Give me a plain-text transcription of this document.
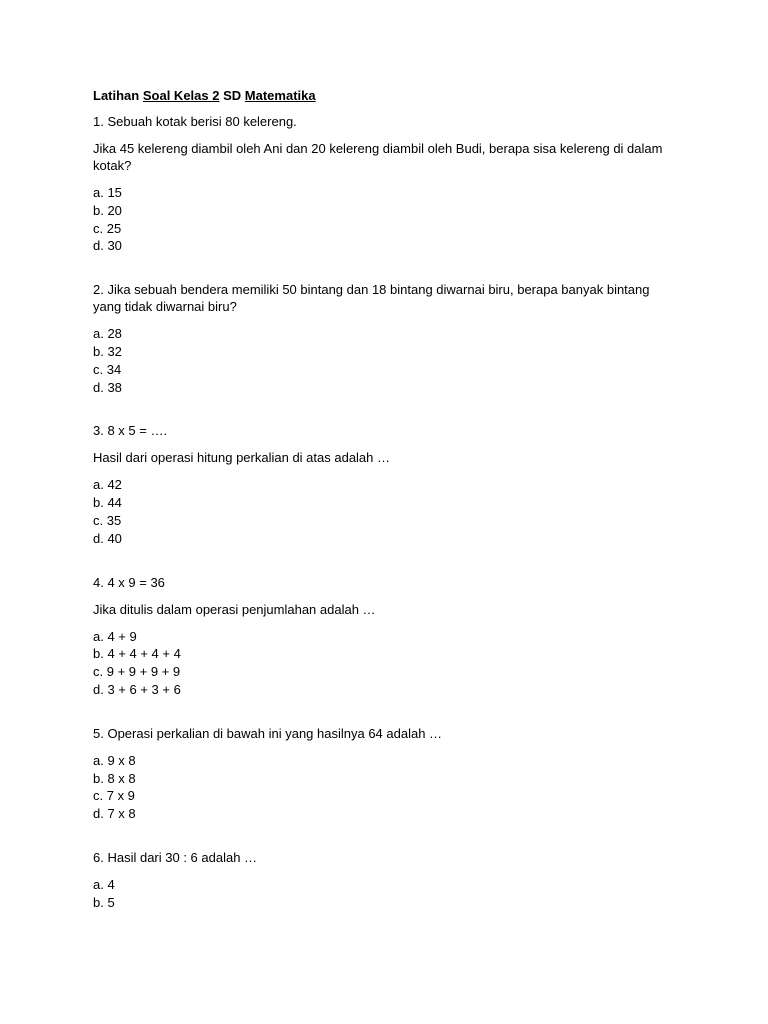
Latihan Soal Kelas 2 SD Matematika
1. Sebuah kotak berisi 80 kelereng.
Jika 45 kelereng diambil oleh Ani dan 20 kelereng diambil oleh Budi, berapa sisa kelereng di dalam kotak?
a. 15
b. 20
c. 25
d. 30
2. Jika sebuah bendera memiliki 50 bintang dan 18 bintang diwarnai biru, berapa banyak bintang yang tidak diwarnai biru?
a. 28
b. 32
c. 34
d. 38
3. 8 x 5 = ….
Hasil dari operasi hitung perkalian di atas adalah …
a. 42
b. 44
c. 35
d. 40
4. 4 x 9 = 36
Jika ditulis dalam operasi penjumlahan adalah …
a. 4 + 9
b. 4 + 4 + 4 + 4
c. 9 + 9 + 9 + 9
d. 3 + 6 + 3 + 6
5. Operasi perkalian di bawah ini yang hasilnya 64 adalah …
a. 9 x 8
b. 8 x 8
c. 7 x 9
d. 7 x 8
6. Hasil dari 30 : 6 adalah …
a. 4
b. 5
